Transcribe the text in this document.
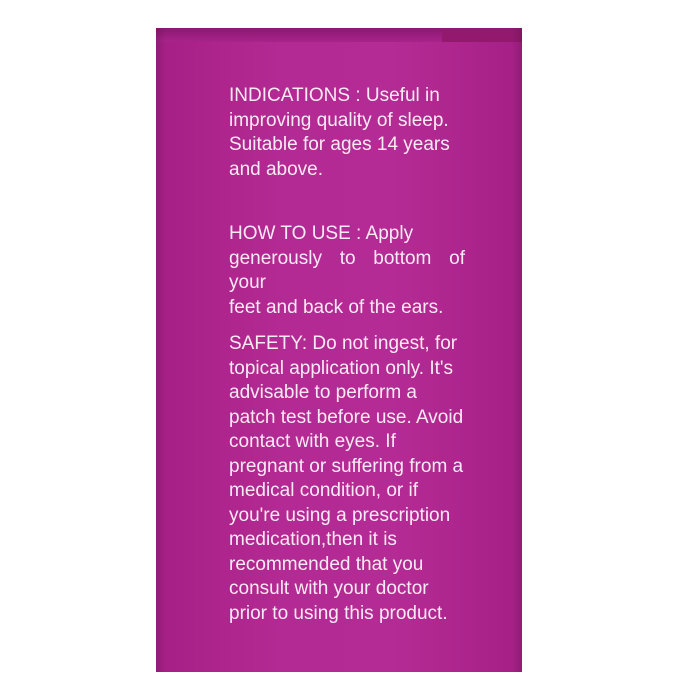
INDICATIONS : Useful in
improving quality of sleep.
Suitable for ages 14 years
and above.
HOW TO USE : Apply
generously to bottom of your
feet and back of the ears.
SAFETY: Do not ingest, for
topical application only. It's
advisable to perform a
patch test before use. Avoid
contact with eyes. If
pregnant or suffering from a
medical condition, or if
you're using a prescription
medication,then it is
recommended that you
consult with your doctor
prior to using this product.
